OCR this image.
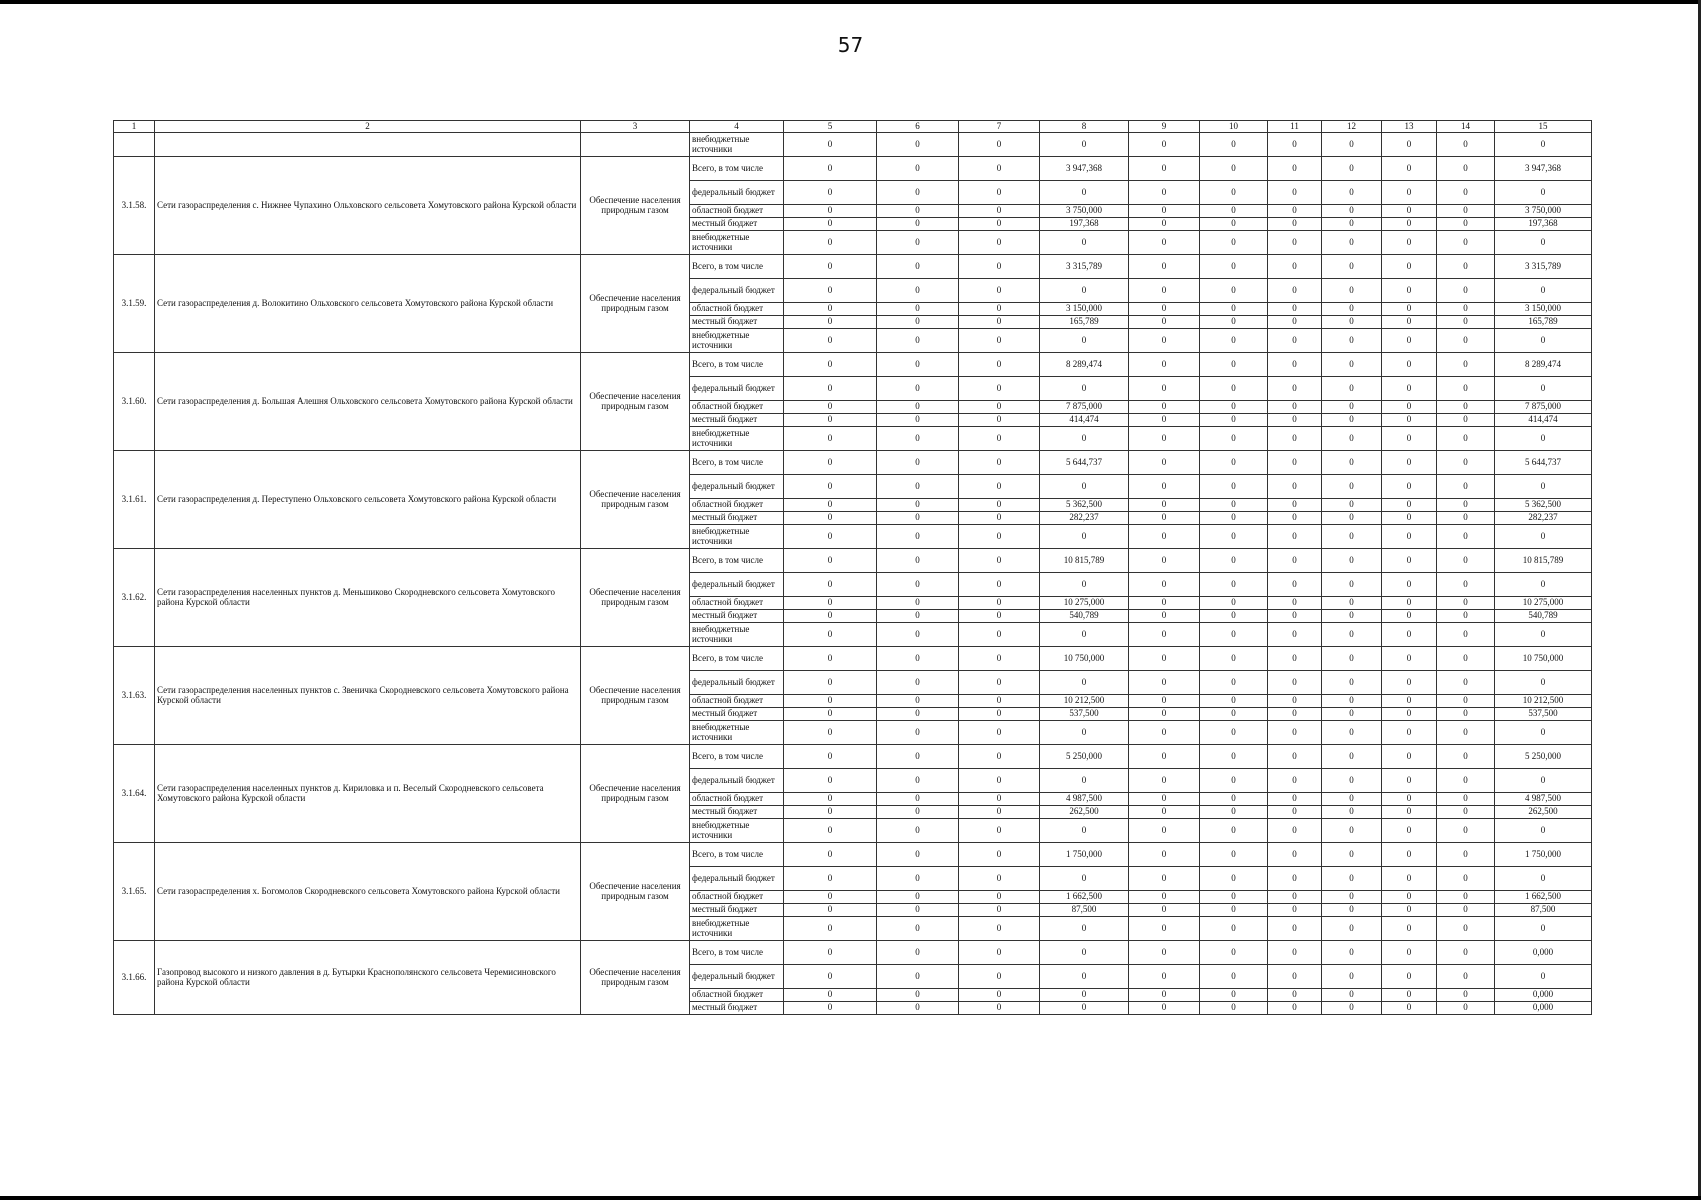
57
1	2	3	4	5	6	7	8	9	10	11	12	13	14	15
			внебюджетные источники	0	0	0	0	0	0	0	0	0	0	0
3.1.58.	Сети газораспределения с. Нижнее Чупахино Ольховского сельсовета Хомутовского района Курской области	Обеспечение населения природным газом	Всего, в том числе	0	0	0	3 947,368	0	0	0	0	0	0	3 947,368
			федеральный бюджет	0	0	0	0	0	0	0	0	0	0	0
			областной бюджет	0	0	0	3 750,000	0	0	0	0	0	0	3 750,000
			местный бюджет	0	0	0	197,368	0	0	0	0	0	0	197,368
			внебюджетные источники	0	0	0	0	0	0	0	0	0	0	0
3.1.59.	Сети газораспределения д. Волокитино Ольховского сельсовета Хомутовского района Курской области	Обеспечение населения природным газом	Всего, в том числе	0	0	0	3 315,789	0	0	0	0	0	0	3 315,789
			федеральный бюджет	0	0	0	0	0	0	0	0	0	0	0
			областной бюджет	0	0	0	3 150,000	0	0	0	0	0	0	3 150,000
			местный бюджет	0	0	0	165,789	0	0	0	0	0	0	165,789
			внебюджетные источники	0	0	0	0	0	0	0	0	0	0	0
3.1.60.	Сети газораспределения д. Большая Алешня Ольховского сельсовета Хомутовского района Курской области	Обеспечение населения природным газом	Всего, в том числе	0	0	0	8 289,474	0	0	0	0	0	0	8 289,474
			федеральный бюджет	0	0	0	0	0	0	0	0	0	0	0
			областной бюджет	0	0	0	7 875,000	0	0	0	0	0	0	7 875,000
			местный бюджет	0	0	0	414,474	0	0	0	0	0	0	414,474
			внебюджетные источники	0	0	0	0	0	0	0	0	0	0	0
3.1.61.	Сети газораспределения д. Переступено Ольховского сельсовета Хомутовского района Курской области	Обеспечение населения природным газом	Всего, в том числе	0	0	0	5 644,737	0	0	0	0	0	0	5 644,737
			федеральный бюджет	0	0	0	0	0	0	0	0	0	0	0
			областной бюджет	0	0	0	5 362,500	0	0	0	0	0	0	5 362,500
			местный бюджет	0	0	0	282,237	0	0	0	0	0	0	282,237
			внебюджетные источники	0	0	0	0	0	0	0	0	0	0	0
3.1.62.	Сети газораспределения населенных пунктов д. Меньшиково Скородневского сельсовета Хомутовского района Курской области	Обеспечение населения природным газом	Всего, в том числе	0	0	0	10 815,789	0	0	0	0	0	0	10 815,789
			федеральный бюджет	0	0	0	0	0	0	0	0	0	0	0
			областной бюджет	0	0	0	10 275,000	0	0	0	0	0	0	10 275,000
			местный бюджет	0	0	0	540,789	0	0	0	0	0	0	540,789
			внебюджетные источники	0	0	0	0	0	0	0	0	0	0	0
3.1.63.	Сети газораспределения населенных пунктов с. Звеничка Скородневского сельсовета Хомутовского района Курской области	Обеспечение населения природным газом	Всего, в том числе	0	0	0	10 750,000	0	0	0	0	0	0	10 750,000
			федеральный бюджет	0	0	0	0	0	0	0	0	0	0	0
			областной бюджет	0	0	0	10 212,500	0	0	0	0	0	0	10 212,500
			местный бюджет	0	0	0	537,500	0	0	0	0	0	0	537,500
			внебюджетные источники	0	0	0	0	0	0	0	0	0	0	0
3.1.64.	Сети газораспределения населенных пунктов д. Кириловка и п. Веселый Скородневского сельсовета Хомутовского района Курской области	Обеспечение населения природным газом	Всего, в том числе	0	0	0	5 250,000	0	0	0	0	0	0	5 250,000
			федеральный бюджет	0	0	0	0	0	0	0	0	0	0	0
			областной бюджет	0	0	0	4 987,500	0	0	0	0	0	0	4 987,500
			местный бюджет	0	0	0	262,500	0	0	0	0	0	0	262,500
			внебюджетные источники	0	0	0	0	0	0	0	0	0	0	0
3.1.65.	Сети газораспределения х. Богомолов Скородневского сельсовета Хомутовского района Курской области	Обеспечение населения природным газом	Всего, в том числе	0	0	0	1 750,000	0	0	0	0	0	0	1 750,000
			федеральный бюджет	0	0	0	0	0	0	0	0	0	0	0
			областной бюджет	0	0	0	1 662,500	0	0	0	0	0	0	1 662,500
			местный бюджет	0	0	0	87,500	0	0	0	0	0	0	87,500
			внебюджетные источники	0	0	0	0	0	0	0	0	0	0	0
3.1.66.	Газопровод высокого и низкого давления в д. Бутырки Краснополянского сельсовета Черемисиновского района Курской области	Обеспечение населения природным газом	Всего, в том числе	0	0	0	0	0	0	0	0	0	0	0,000
			федеральный бюджет	0	0	0	0	0	0	0	0	0	0	0
			областной бюджет	0	0	0	0	0	0	0	0	0	0	0,000
			местный бюджет	0	0	0	0	0	0	0	0	0	0	0,000
